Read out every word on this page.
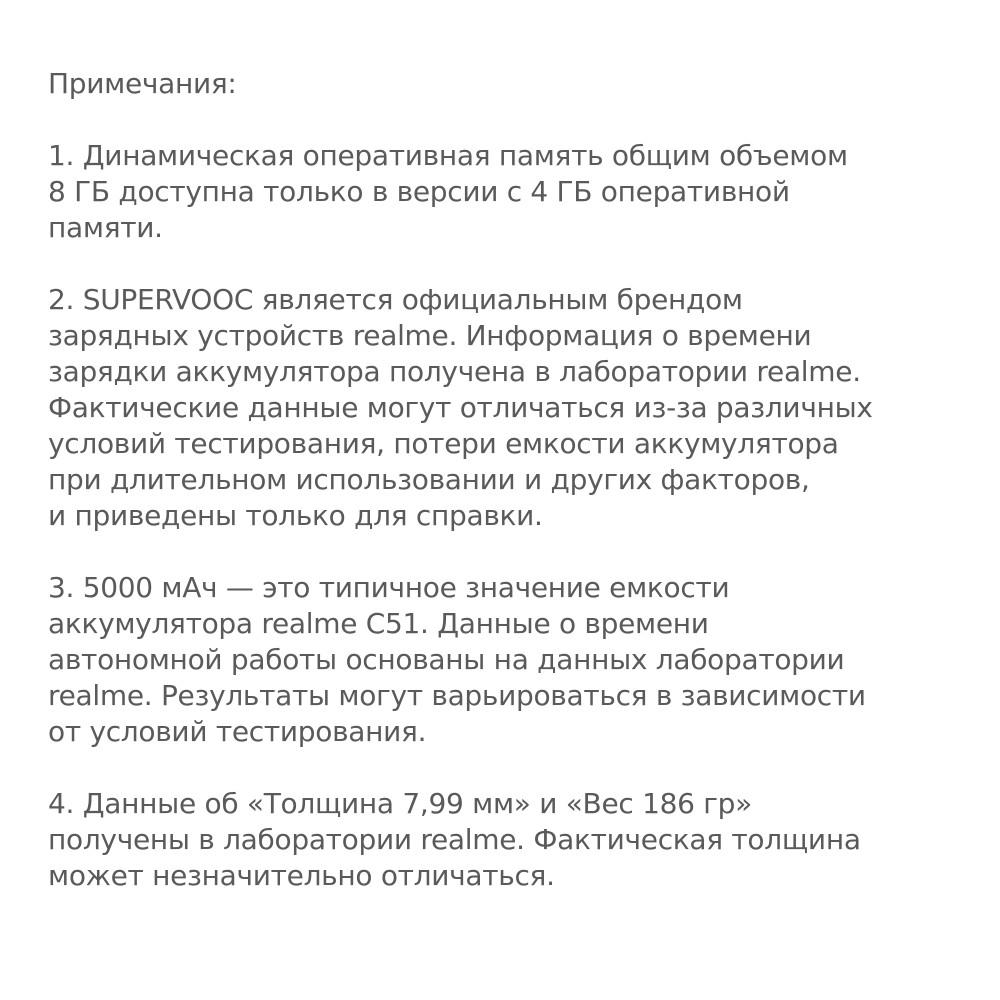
Примечания:
1. Динамическая оперативная память общим объемом
8 ГБ доступна только в версии с 4 ГБ оперативной
памяти.
2. SUPERVOOC является официальным брендом
зарядных устройств realme. Информация о времени
зарядки аккумулятора получена в лаборатории realme.
Фактические данные могут отличаться из-за различных
условий тестирования, потери емкости аккумулятора
при длительном использовании и других факторов,
и приведены только для справки.
3. 5000 мАч — это типичное значение емкости
аккумулятора realme C51. Данные о времени
автономной работы основаны на данных лаборатории
realme. Результаты могут варьироваться в зависимости
от условий тестирования.
4. Данные об «Толщина 7,99 мм» и «Вес 186 гр»
получены в лаборатории realme. Фактическая толщина
может незначительно отличаться.
